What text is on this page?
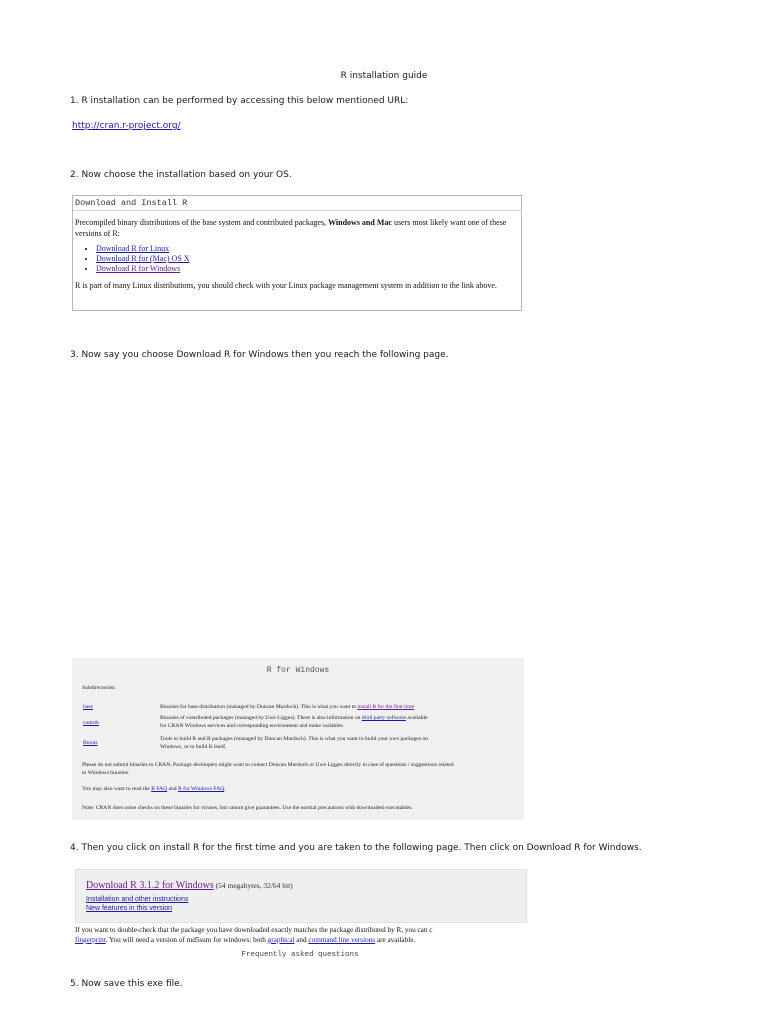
R installation guide
1. R installation can be performed by accessing this below mentioned URL:
http://cran.r-project.org/
2. Now choose the installation based on your OS.
Download and Install R
Precompiled binary distributions of the base system and contributed packages, Windows and Mac users most likely want one of these versions of R:
• Download R for Linux
• Download R for (Mac) OS X
• Download R for Windows
R is part of many Linux distributions, you should check with your Linux package management system in addition to the link above.
3. Now say you choose Download R for Windows then you reach the following page.
R for Windows
Subdirectories:
base	Binaries for base distribution (managed by Duncan Murdoch). This is what you want to install R for the first time
contrib
Binaries of contributed packages (managed by Uwe Ligges). There is also information on third party software available
for CRAN Windows services and corresponding environment and make variables.
Rtools
Tools to build R and R packages (managed by Duncan Murdoch). This is what you want to build your own packages on
Windows, or to build R itself.
Please do not submit binaries to CRAN. Package developers might want to contact Duncan Murdoch or Uwe Ligges directly in case of questions / suggestions related
to Windows binaries.
You may also want to read the R FAQ and R for Windows FAQ.
Note: CRAN does some checks on these binaries for viruses, but cannot give guarantees. Use the normal precautions with downloaded executables.
4. Then you click on install R for the first time and you are taken to the following page. Then click on Download R for Windows.
Download R 3.1.2 for Windows (54 megabytes, 32/64 bit)
Installation and other instructions
New features in this version
If you want to double-check that the package you have downloaded exactly matches the package distributed by R, you can c
fingerprint. You will need a version of md5sum for windows: both graphical and command line versions are available.
Frequently asked questions
5. Now save this exe file.
